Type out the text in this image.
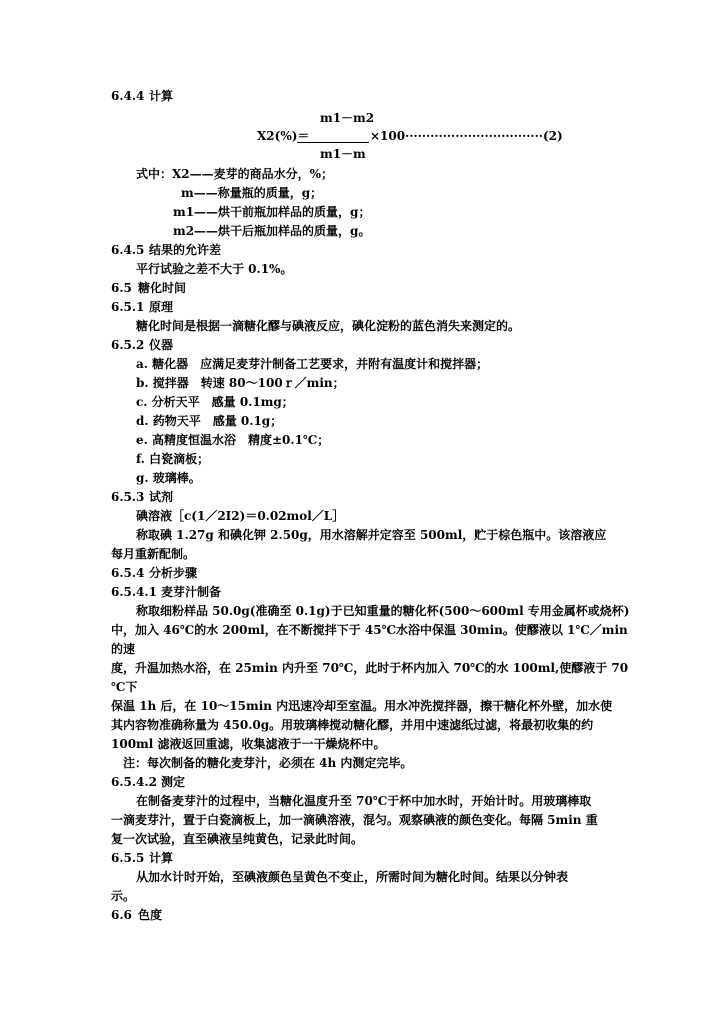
6.4.4 计算
m1－m2
X2(%)＝	×100·································(2)
m1－m
式中：X2——麦芽的商品水分，%；
m——称量瓶的质量，g；
m1——烘干前瓶加样品的质量，g；
m2——烘干后瓶加样品的质量，g。
6.4.5 结果的允许差
平行试验之差不大于 0.1%。
6.5 糖化时间
6.5.1 原理
糖化时间是根据一滴糖化醪与碘液反应，碘化淀粉的蓝色消失来测定的。
6.5.2 仪器
a. 糖化器　应满足麦芽汁制备工艺要求，并附有温度计和搅拌器；
b. 搅拌器　转速 80～100ｒ／min；
c. 分析天平　感量 0.1mg；
d. 药物天平　感量 0.1g；
e. 高精度恒温水浴　精度±0.1℃；
f. 白瓷滴板；
g. 玻璃棒。
6.5.3 试剂
碘溶液［c(1／2I2)＝0.02mol／L］
称取碘 1.27g 和碘化钾 2.50g，用水溶解并定容至 500ml，贮于棕色瓶中。该溶液应
每月重新配制。
6.5.4 分析步骤
6.5.4.1 麦芽汁制备
称取细粉样品 50.0g(准确至 0.1g)于已知重量的糖化杯(500～600ml 专用金属杯或烧杯)
中，加入 46℃的水 200ml，在不断搅拌下于 45℃水浴中保温 30min。使醪液以 1℃／min
的速
度，升温加热水浴，在 25min 内升至 70℃，此时于杯内加入 70℃的水 100ml,使醪液于 70
℃下
保温 1h 后，在 10～15min 内迅速冷却至室温。用水冲洗搅拌器，擦干糖化杯外壁，加水使
其内容物准确称量为 450.0g。用玻璃棒搅动糖化醪，并用中速滤纸过滤，将最初收集的约
100ml 滤液返回重滤，收集滤液于一干燥烧杯中。
注：每次制备的糖化麦芽汁，必须在 4h 内测定完毕。
6.5.4.2 测定
在制备麦芽汁的过程中，当糖化温度升至 70℃于杯中加水时，开始计时。用玻璃棒取
一滴麦芽汁，置于白瓷滴板上，加一滴碘溶液，混匀。观察碘液的颜色变化。每隔 5min 重
复一次试验，直至碘液呈纯黄色，记录此时间。
6.5.5 计算
从加水计时开始，至碘液颜色呈黄色不变止，所需时间为糖化时间。结果以分钟表
示。
6.6 色度
